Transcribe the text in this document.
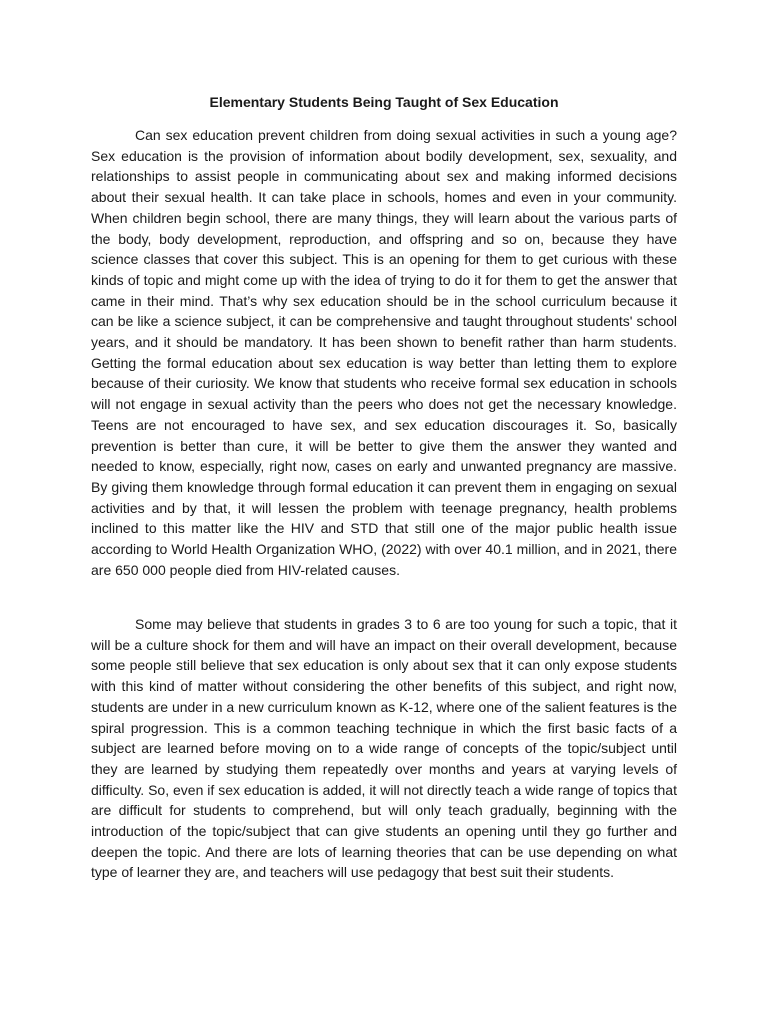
Elementary Students Being Taught of Sex Education

Can sex education prevent children from doing sexual activities in such a young age? Sex education is the provision of information about bodily development, sex, sexuality, and relationships to assist people in communicating about sex and making informed decisions about their sexual health. It can take place in schools, homes and even in your community. When children begin school, there are many things, they will learn about the various parts of the body, body development, reproduction, and offspring and so on, because they have science classes that cover this subject. This is an opening for them to get curious with these kinds of topic and might come up with the idea of trying to do it for them to get the answer that came in their mind. That’s why sex education should be in the school curriculum because it can be like a science subject, it can be comprehensive and taught throughout students' school years, and it should be mandatory. It has been shown to benefit rather than harm students. Getting the formal education about sex education is way better than letting them to explore because of their curiosity. We know that students who receive formal sex education in schools will not engage in sexual activity than the peers who does not get the necessary knowledge. Teens are not encouraged to have sex, and sex education discourages it. So, basically prevention is better than cure, it will be better to give them the answer they wanted and needed to know, especially, right now, cases on early and unwanted pregnancy are massive. By giving them knowledge through formal education it can prevent them in engaging on sexual activities and by that, it will lessen the problem with teenage pregnancy, health problems inclined to this matter like the HIV and STD that still one of the major public health issue according to World Health Organization WHO, (2022) with over 40.1 million, and in 2021, there are 650 000 people died from HIV-related causes.

Some may believe that students in grades 3 to 6 are too young for such a topic, that it will be a culture shock for them and will have an impact on their overall development, because some people still believe that sex education is only about sex that it can only expose students with this kind of matter without considering the other benefits of this subject, and right now, students are under in a new curriculum known as K-12, where one of the salient features is the spiral progression. This is a common teaching technique in which the first basic facts of a subject are learned before moving on to a wide range of concepts of the topic/subject until they are learned by studying them repeatedly over months and years at varying levels of difficulty. So, even if sex education is added, it will not directly teach a wide range of topics that are difficult for students to comprehend, but will only teach gradually, beginning with the introduction of the topic/subject that can give students an opening until they go further and deepen the topic. And there are lots of learning theories that can be use depending on what type of learner they are, and teachers will use pedagogy that best suit their students.
